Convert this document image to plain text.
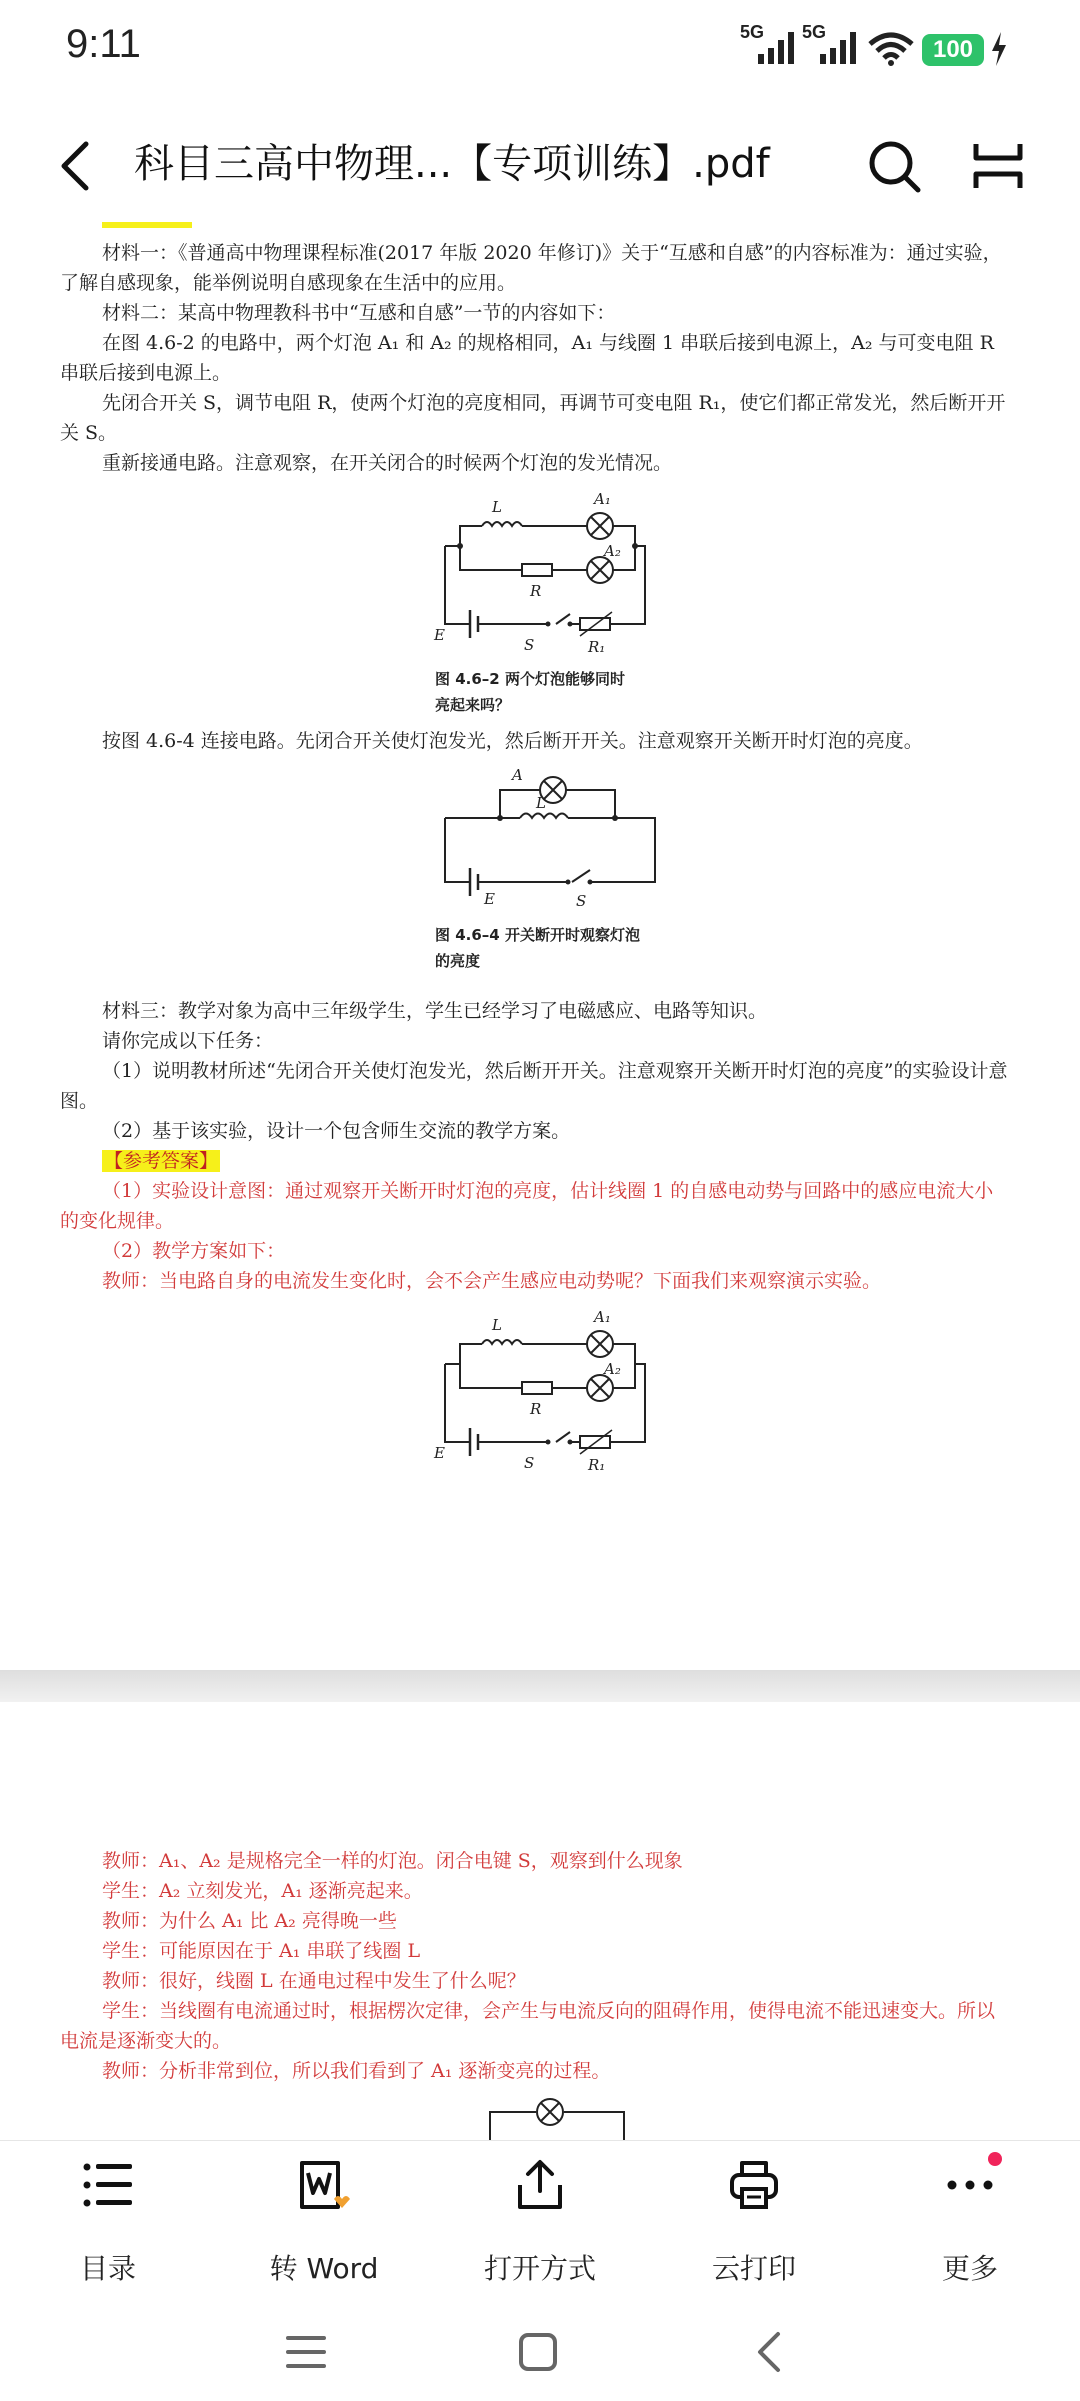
9:11	5G 5G
100
科目三高中物理...【专项训练】.pdf
材料一：《普通高中物理课程标准(2017 年版 2020 年修订)》关于“互感和自感”的内容标准为：通过实验，了解自感现象，能举例说明自感现象在生活中的应用。
材料二：某高中物理教科书中“互感和自感”一节的内容如下：
在图 4.6-2 的电路中，两个灯泡 A₁ 和 A₂ 的规格相同，A₁ 与线圈 1 串联后接到电源上，A₂ 与可变电阻 R 串联后接到电源上。
先闭合开关 S，调节电阻 R，使两个灯泡的亮度相同，再调节可变电阻 R₁，使它们都正常发光，然后断开开关 S。
重新接通电路。注意观察，在开关闭合的时候两个灯泡的发光情况。
L	A₁
A₂
R
E
S	R₁
图 4.6–2 两个灯泡能够同时
亮起来吗？
按图 4.6-4 连接电路。先闭合开关使灯泡发光，然后断开开关。注意观察开关断开时灯泡的亮度。
A
L
E	S
图 4.6–4 开关断开时观察灯泡
的亮度
材料三：教学对象为高中三年级学生，学生已经学习了电磁感应、电路等知识。
请你完成以下任务：
（1）说明教材所述“先闭合开关使灯泡发光，然后断开开关。注意观察开关断开时灯泡的亮度”的实验设计意图。
（2）基于该实验，设计一个包含师生交流的教学方案。
【参考答案】
（1）实验设计意图：通过观察开关断开时灯泡的亮度，估计线圈 1 的自感电动势与回路中的感应电流大小的变化规律。
（2）教学方案如下：
教师：当电路自身的电流发生变化时，会不会产生感应电动势呢？下面我们来观察演示实验。
L	A₁
A₂
R
E
S	R₁
教师：A₁、A₂ 是规格完全一样的灯泡。闭合电键 S，观察到什么现象
学生：A₂ 立刻发光，A₁ 逐渐亮起来。
教师：为什么 A₁ 比 A₂ 亮得晚一些
学生：可能原因在于 A₁ 串联了线圈 L
教师：很好，线圈 L 在通电过程中发生了什么呢？
学生：当线圈有电流通过时，根据楞次定律，会产生与电流反向的阻碍作用，使得电流不能迅速变大。所以电流是逐渐变大的。
教师：分析非常到位，所以我们看到了 A₁ 逐渐变亮的过程。
目录	转 Word	打开方式	云打印	更多
